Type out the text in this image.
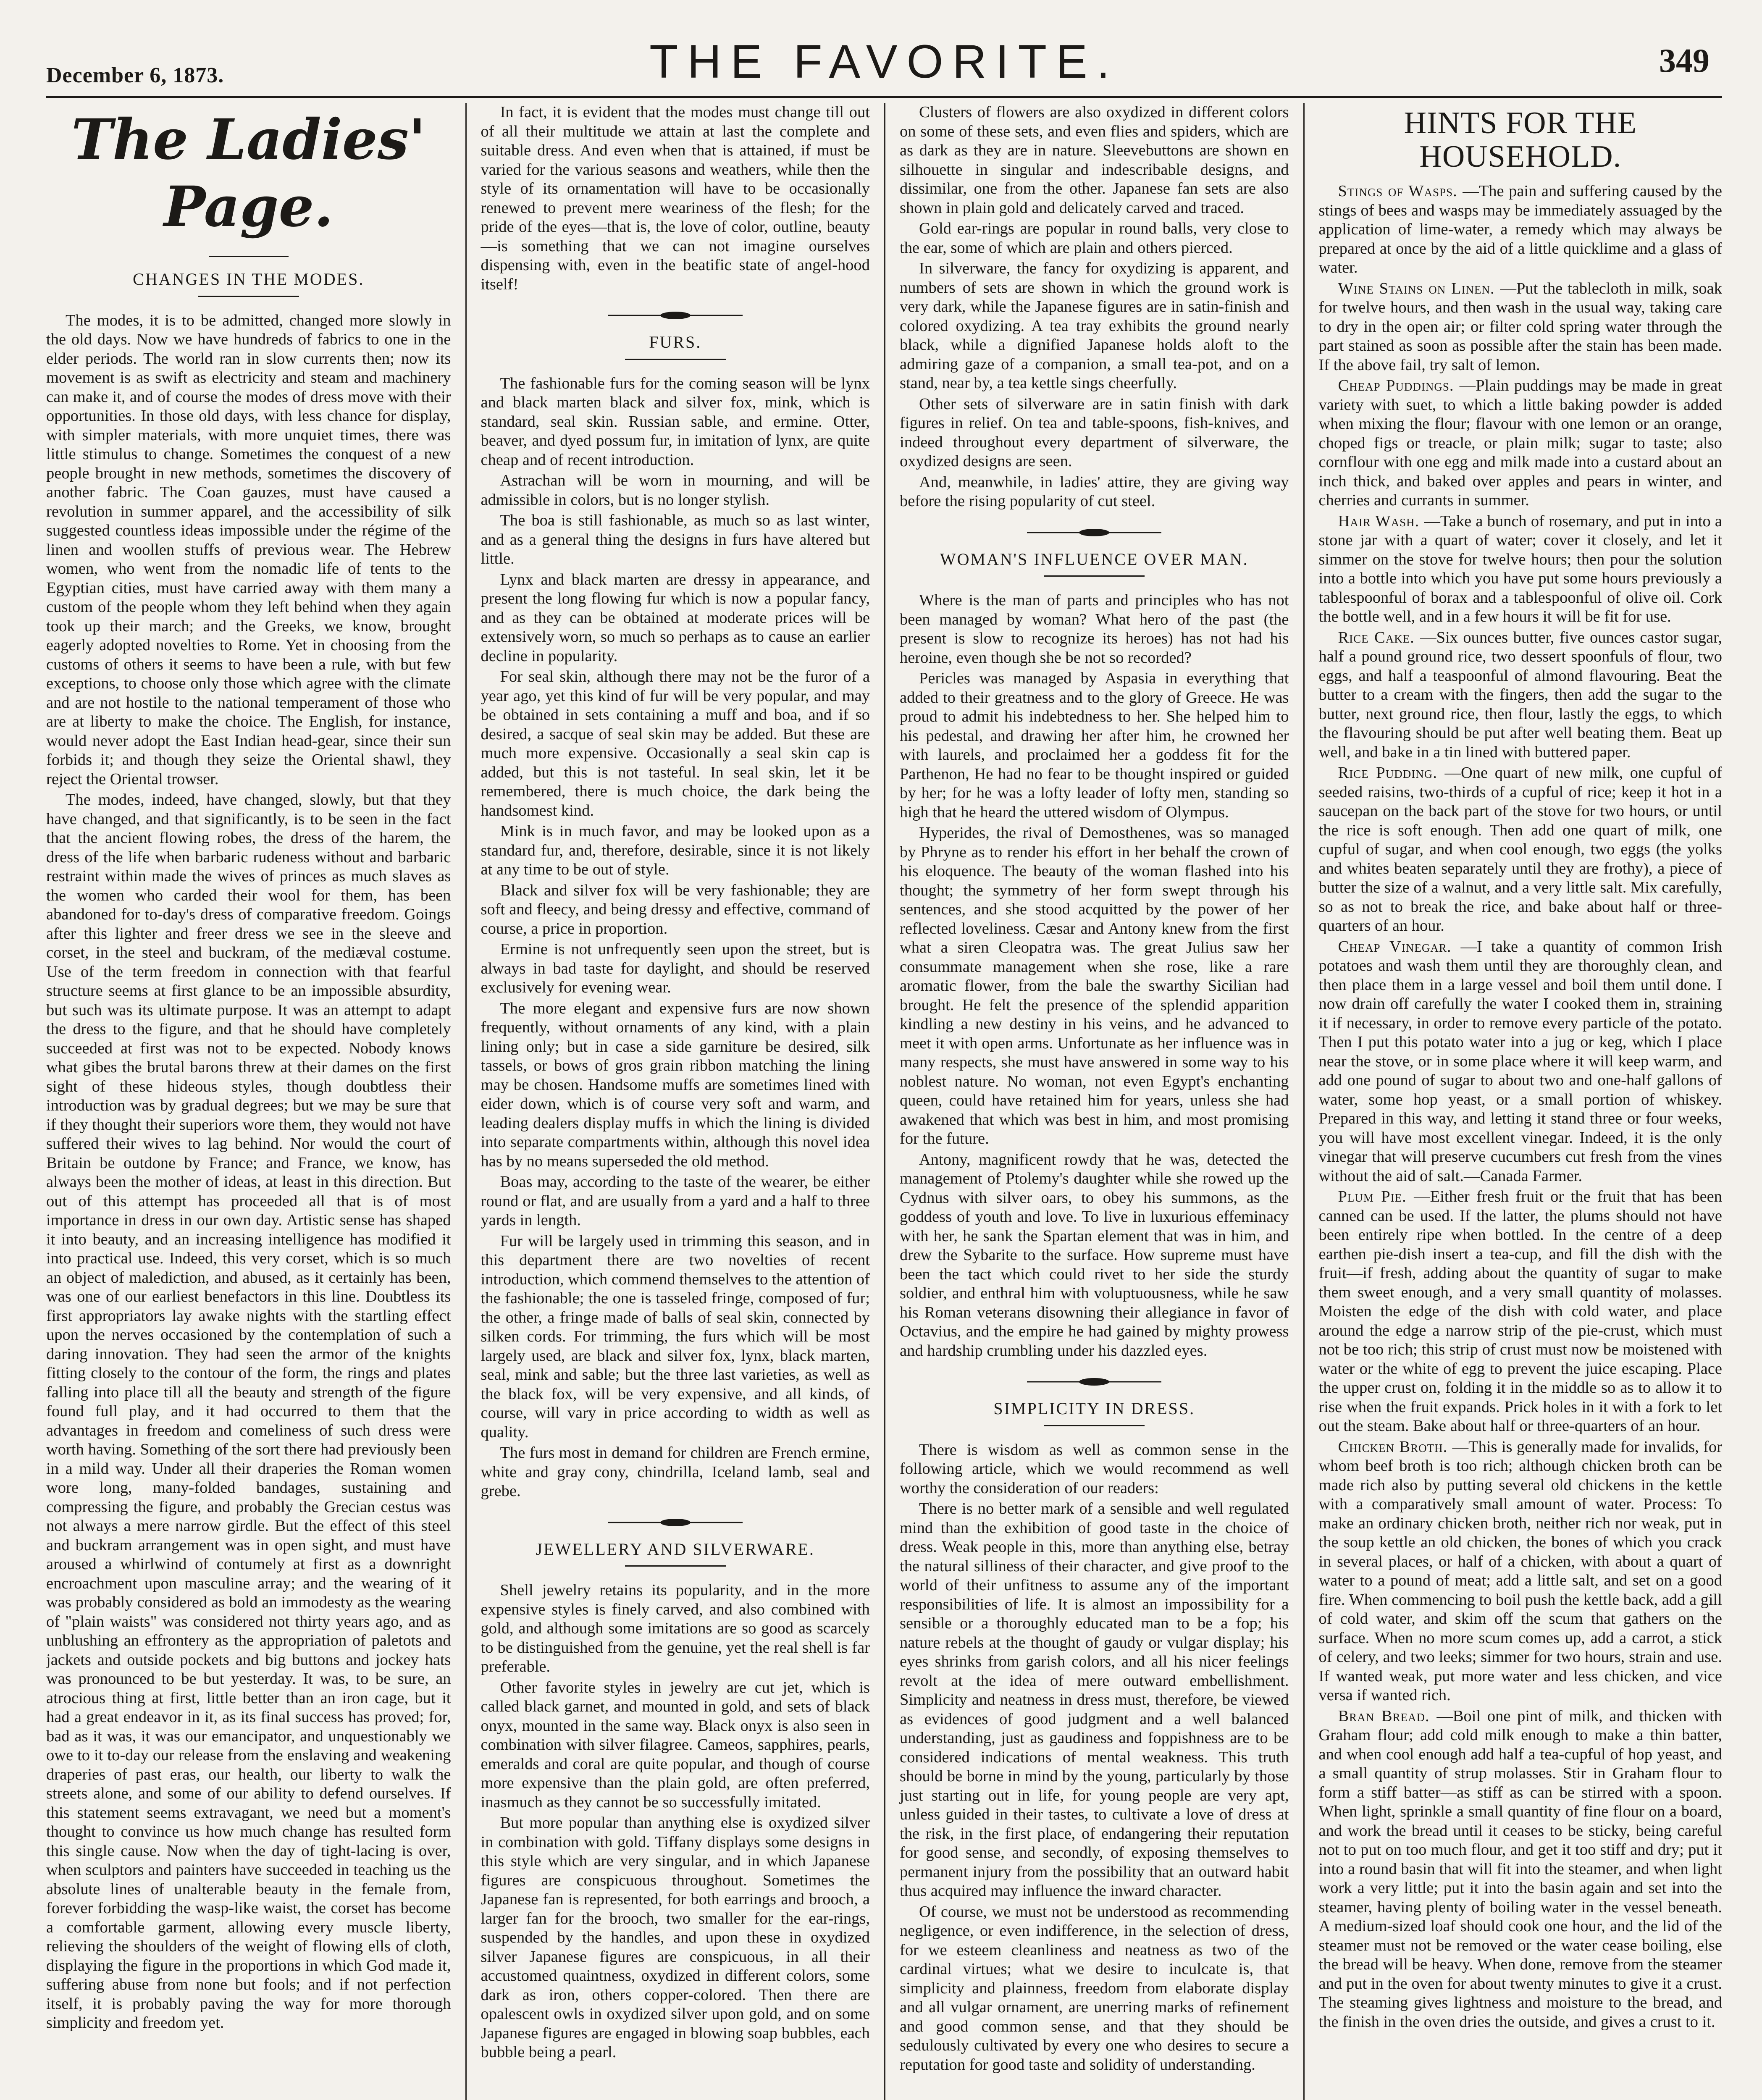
December 6, 1873.	THE FAVORITE.	349
The Ladies' Page.
CHANGES IN THE MODES.

The modes, it is to be admitted, changed more slowly in the old days. Now we have hundreds of fabrics to one in the elder periods. The world ran in slow currents then; now its movement is as swift as electricity and steam and machinery can make it, and of course the modes of dress move with their opportunities. In those old days, with less chance for display, with simpler materials, with more unquiet times, there was little stimulus to change. Sometimes the conquest of a new people brought in new methods, sometimes the discovery of another fabric. The Coan gauzes, must have caused a revolution in summer apparel, and the accessibility of silk suggested countless ideas impossible under the régime of the linen and woollen stuffs of previous wear. The Hebrew women, who went from the nomadic life of tents to the Egyptian cities, must have carried away with them many a custom of the people whom they left behind when they again took up their march; and the Greeks, we know, brought eagerly adopted novelties to Rome. Yet in choosing from the customs of others it seems to have been a rule, with but few exceptions, to choose only those which agree with the climate and are not hostile to the national temperament of those who are at liberty to make the choice. The English, for instance, would never adopt the East Indian head-gear, since their sun forbids it; and though they seize the Oriental shawl, they reject the Oriental trowser.

The modes, indeed, have changed, slowly, but that they have changed, and that significantly, is to be seen in the fact that the ancient flowing robes, the dress of the harem, the dress of the life when barbaric rudeness without and barbaric restraint within made the wives of princes as much slaves as the women who carded their wool for them, has been abandoned for to-day's dress of comparative freedom. Goings after this lighter and freer dress we see in the sleeve and corset, in the steel and buckram, of the mediæval costume. Use of the term freedom in connection with that fearful structure seems at first glance to be an impossible absurdity, but such was its ultimate purpose. It was an attempt to adapt the dress to the figure, and that he should have completely succeeded at first was not to be expected. Nobody knows what gibes the brutal barons threw at their dames on the first sight of these hideous styles, though doubtless their introduction was by gradual degrees; but we may be sure that if they thought their superiors wore them, they would not have suffered their wives to lag behind. Nor would the court of Britain be outdone by France; and France, we know, has always been the mother of ideas, at least in this direction. But out of this attempt has proceeded all that is of most importance in dress in our own day. Artistic sense has shaped it into beauty, and an increasing intelligence has modified it into practical use. Indeed, this very corset, which is so much an object of malediction, and abused, as it certainly has been, was one of our earliest benefactors in this line. Doubtless its first appropriators lay awake nights with the startling effect upon the nerves occasioned by the contemplation of such a daring innovation. They had seen the armor of the knights fitting closely to the contour of the form, the rings and plates falling into place till all the beauty and strength of the figure found full play, and it had occurred to them that the advantages in freedom and comeliness of such dress were worth having. Something of the sort there had previously been in a mild way. Under all their draperies the Roman women wore long, many-folded bandages, sustaining and compressing the figure, and probably the Grecian cestus was not always a mere narrow girdle. But the effect of this steel and buckram arrangement was in open sight, and must have aroused a whirlwind of contumely at first as a downright encroachment upon masculine array; and the wearing of it was probably considered as bold an immodesty as the wearing of "plain waists" was considered not thirty years ago, and as unblushing an effrontery as the appropriation of paletots and jackets and outside pockets and big buttons and jockey hats was pronounced to be but yesterday. It was, to be sure, an atrocious thing at first, little better than an iron cage, but it had a great endeavor in it, as its final success has proved; for, bad as it was, it was our emancipator, and unquestionably we owe to it to-day our release from the enslaving and weakening draperies of past eras, our health, our liberty to walk the streets alone, and some of our ability to defend ourselves. If this statement seems extravagant, we need but a moment's thought to convince us how much change has resulted form this single cause. Now when the day of tight-lacing is over, when sculptors and painters have succeeded in teaching us the absolute lines of unalterable beauty in the female from, forever forbidding the wasp-like waist, the corset has become a comfortable garment, allowing every muscle liberty, relieving the shoulders of the weight of flowing ells of cloth, displaying the figure in the proportions in which God made it, suffering abuse from none but fools; and if not perfection itself, it is probably paving the way for more thorough simplicity and freedom yet.

In fact, it is evident that the modes must change till out of all their multitude we attain at last the complete and suitable dress. And even when that is attained, if must be varied for the various seasons and weathers, while then the style of its ornamentation will have to be occasionally renewed to prevent mere weariness of the flesh; for the pride of the eyes—that is, the love of color, outline, beauty—is something that we can not imagine ourselves dispensing with, even in the beatific state of angel-hood itself!

FURS.

The fashionable furs for the coming season will be lynx and black marten black and silver fox, mink, which is standard, seal skin. Russian sable, and ermine. Otter, beaver, and dyed possum fur, in imitation of lynx, are quite cheap and of recent introduction.

Astrachan will be worn in mourning, and will be admissible in colors, but is no longer stylish.

The boa is still fashionable, as much so as last winter, and as a general thing the designs in furs have altered but little.

Lynx and black marten are dressy in appearance, and present the long flowing fur which is now a popular fancy, and as they can be obtained at moderate prices will be extensively worn, so much so perhaps as to cause an earlier decline in popularity.

For seal skin, although there may not be the furor of a year ago, yet this kind of fur will be very popular, and may be obtained in sets containing a muff and boa, and if so desired, a sacque of seal skin may be added. But these are much more expensive. Occasionally a seal skin cap is added, but this is not tasteful. In seal skin, let it be remembered, there is much choice, the dark being the handsomest kind.

Mink is in much favor, and may be looked upon as a standard fur, and, therefore, desirable, since it is not likely at any time to be out of style.

Black and silver fox will be very fashionable; they are soft and fleecy, and being dressy and effective, command of course, a price in proportion.

Ermine is not unfrequently seen upon the street, but is always in bad taste for daylight, and should be reserved exclusively for evening wear.

The more elegant and expensive furs are now shown frequently, without ornaments of any kind, with a plain lining only; but in case a side garniture be desired, silk tassels, or bows of gros grain ribbon matching the lining may be chosen. Handsome muffs are sometimes lined with eider down, which is of course very soft and warm, and leading dealers display muffs in which the lining is divided into separate compartments within, although this novel idea has by no means superseded the old method.

Boas may, according to the taste of the wearer, be either round or flat, and are usually from a yard and a half to three yards in length.

Fur will be largely used in trimming this season, and in this department there are two novelties of recent introduction, which commend themselves to the attention of the fashionable; the one is tasseled fringe, composed of fur; the other, a fringe made of balls of seal skin, connected by silken cords. For trimming, the furs which will be most largely used, are black and silver fox, lynx, black marten, seal, mink and sable; but the three last varieties, as well as the black fox, will be very expensive, and all kinds, of course, will vary in price according to width as well as quality.

The furs most in demand for children are French ermine, white and gray cony, chindrilla, Iceland lamb, seal and grebe.

JEWELLERY AND SILVERWARE.

Shell jewelry retains its popularity, and in the more expensive styles is finely carved, and also combined with gold, and although some imitations are so good as scarcely to be distinguished from the genuine, yet the real shell is far preferable.

Other favorite styles in jewelry are cut jet, which is called black garnet, and mounted in gold, and sets of black onyx, mounted in the same way. Black onyx is also seen in combination with silver filagree. Cameos, sapphires, pearls, emeralds and coral are quite popular, and though of course more expensive than the plain gold, are often preferred, inasmuch as they cannot be so successfully imitated.

But more popular than anything else is oxydized silver in combination with gold. Tiffany displays some designs in this style which are very singular, and in which Japanese figures are conspicuous throughout. Sometimes the Japanese fan is represented, for both earrings and brooch, a larger fan for the brooch, two smaller for the ear-rings, suspended by the handles, and upon these in oxydized silver Japanese figures are conspicuous, in all their accustomed quaintness, oxydized in different colors, some dark as iron, others copper-colored. Then there are opalescent owls in oxydized silver upon gold, and on some Japanese figures are engaged in blowing soap bubbles, each bubble being a pearl.

Clusters of flowers are also oxydized in different colors on some of these sets, and even flies and spiders, which are as dark as they are in nature. Sleevebuttons are shown en silhouette in singular and indescribable designs, and dissimilar, one from the other. Japanese fan sets are also shown in plain gold and delicately carved and traced.

Gold ear-rings are popular in round balls, very close to the ear, some of which are plain and others pierced.

In silverware, the fancy for oxydizing is apparent, and numbers of sets are shown in which the ground work is very dark, while the Japanese figures are in satin-finish and colored oxydizing. A tea tray exhibits the ground nearly black, while a dignified Japanese holds aloft to the admiring gaze of a companion, a small tea-pot, and on a stand, near by, a tea kettle sings cheerfully.

Other sets of silverware are in satin finish with dark figures in relief. On tea and table-spoons, fish-knives, and indeed throughout every department of silverware, the oxydized designs are seen.

And, meanwhile, in ladies' attire, they are giving way before the rising popularity of cut steel.

WOMAN'S INFLUENCE OVER MAN.

Where is the man of parts and principles who has not been managed by woman? What hero of the past (the present is slow to recognize its heroes) has not had his heroine, even though she be not so recorded?

Pericles was managed by Aspasia in everything that added to their greatness and to the glory of Greece. He was proud to admit his indebtedness to her. She helped him to his pedestal, and drawing her after him, he crowned her with laurels, and proclaimed her a goddess fit for the Parthenon, He had no fear to be thought inspired or guided by her; for he was a lofty leader of lofty men, standing so high that he heard the uttered wisdom of Olympus.

Hyperides, the rival of Demosthenes, was so managed by Phryne as to render his effort in her behalf the crown of his eloquence. The beauty of the woman flashed into his thought; the symmetry of her form swept through his sentences, and she stood acquitted by the power of her reflected loveliness. Cæsar and Antony knew from the first what a siren Cleopatra was. The great Julius saw her consummate management when she rose, like a rare aromatic flower, from the bale the swarthy Sicilian had brought. He felt the presence of the splendid apparition kindling a new destiny in his veins, and he advanced to meet it with open arms. Unfortunate as her influence was in many respects, she must have answered in some way to his noblest nature. No woman, not even Egypt's enchanting queen, could have retained him for years, unless she had awakened that which was best in him, and most promising for the future.

Antony, magnificent rowdy that he was, detected the management of Ptolemy's daughter while she rowed up the Cydnus with silver oars, to obey his summons, as the goddess of youth and love. To live in luxurious effeminacy with her, he sank the Spartan element that was in him, and drew the Sybarite to the surface. How supreme must have been the tact which could rivet to her side the sturdy soldier, and enthral him with voluptuousness, while he saw his Roman veterans disowning their allegiance in favor of Octavius, and the empire he had gained by mighty prowess and hardship crumbling under his dazzled eyes.

SIMPLICITY IN DRESS.

There is wisdom as well as common sense in the following article, which we would recommend as well worthy the consideration of our readers:

There is no better mark of a sensible and well regulated mind than the exhibition of good taste in the choice of dress. Weak people in this, more than anything else, betray the natural silliness of their character, and give proof to the world of their unfitness to assume any of the important responsibilities of life. It is almost an impossibility for a sensible or a thoroughly educated man to be a fop; his nature rebels at the thought of gaudy or vulgar display; his eyes shrinks from garish colors, and all his nicer feelings revolt at the idea of mere outward embellishment. Simplicity and neatness in dress must, therefore, be viewed as evidences of good judgment and a well balanced understanding, just as gaudiness and foppishness are to be considered indications of mental weakness. This truth should be borne in mind by the young, particularly by those just starting out in life, for young people are very apt, unless guided in their tastes, to cultivate a love of dress at the risk, in the first place, of endangering their reputation for good sense, and secondly, of exposing themselves to permanent injury from the possibility that an outward habit thus acquired may influence the inward character.

Of course, we must not be understood as recommending negligence, or even indifference, in the selection of dress, for we esteem cleanliness and neatness as two of the cardinal virtues; what we desire to inculcate is, that simplicity and plainness, freedom from elaborate display and all vulgar ornament, are unerring marks of refinement and good common sense, and that they should be sedulously cultivated by every one who desires to secure a reputation for good taste and solidity of understanding.

HINTS FOR THE HOUSEHOLD.

Stings of Wasps. —The pain and suffering caused by the stings of bees and wasps may be immediately assuaged by the application of lime-water, a remedy which may always be prepared at once by the aid of a little quicklime and a glass of water.

Wine Stains on Linen. —Put the tablecloth in milk, soak for twelve hours, and then wash in the usual way, taking care to dry in the open air; or filter cold spring water through the part stained as soon as possible after the stain has been made. If the above fail, try salt of lemon.

Cheap Puddings. —Plain puddings may be made in great variety with suet, to which a little baking powder is added when mixing the flour; flavour with one lemon or an orange, choped figs or treacle, or plain milk; sugar to taste; also cornflour with one egg and milk made into a custard about an inch thick, and baked over apples and pears in winter, and cherries and currants in summer.

Hair Wash. —Take a bunch of rosemary, and put in into a stone jar with a quart of water; cover it closely, and let it simmer on the stove for twelve hours; then pour the solution into a bottle into which you have put some hours previously a tablespoonful of borax and a tablespoonful of olive oil. Cork the bottle well, and in a few hours it will be fit for use.

Rice Cake. —Six ounces butter, five ounces castor sugar, half a pound ground rice, two dessert spoonfuls of flour, two eggs, and half a teaspoonful of almond flavouring. Beat the butter to a cream with the fingers, then add the sugar to the butter, next ground rice, then flour, lastly the eggs, to which the flavouring should be put after well beating them. Beat up well, and bake in a tin lined with buttered paper.

Rice Pudding. —One quart of new milk, one cupful of seeded raisins, two-thirds of a cupful of rice; keep it hot in a saucepan on the back part of the stove for two hours, or until the rice is soft enough. Then add one quart of milk, one cupful of sugar, and when cool enough, two eggs (the yolks and whites beaten separately until they are frothy), a piece of butter the size of a walnut, and a very little salt. Mix carefully, so as not to break the rice, and bake about half or three-quarters of an hour.

Cheap Vinegar. —I take a quantity of common Irish potatoes and wash them until they are thoroughly clean, and then place them in a large vessel and boil them until done. I now drain off carefully the water I cooked them in, straining it if necessary, in order to remove every particle of the potato. Then I put this potato water into a jug or keg, which I place near the stove, or in some place where it will keep warm, and add one pound of sugar to about two and one-half gallons of water, some hop yeast, or a small portion of whiskey. Prepared in this way, and letting it stand three or four weeks, you will have most excellent vinegar. Indeed, it is the only vinegar that will preserve cucumbers cut fresh from the vines without the aid of salt.—Canada Farmer.

Plum Pie. —Either fresh fruit or the fruit that has been canned can be used. If the latter, the plums should not have been entirely ripe when bottled. In the centre of a deep earthen pie-dish insert a tea-cup, and fill the dish with the fruit—if fresh, adding about the quantity of sugar to make them sweet enough, and a very small quantity of molasses. Moisten the edge of the dish with cold water, and place around the edge a narrow strip of the pie-crust, which must not be too rich; this strip of crust must now be moistened with water or the white of egg to prevent the juice escaping. Place the upper crust on, folding it in the middle so as to allow it to rise when the fruit expands. Prick holes in it with a fork to let out the steam. Bake about half or three-quarters of an hour.

Chicken Broth. —This is generally made for invalids, for whom beef broth is too rich; although chicken broth can be made rich also by putting several old chickens in the kettle with a comparatively small amount of water. Process: To make an ordinary chicken broth, neither rich nor weak, put in the soup kettle an old chicken, the bones of which you crack in several places, or half of a chicken, with about a quart of water to a pound of meat; add a little salt, and set on a good fire. When commencing to boil push the kettle back, add a gill of cold water, and skim off the scum that gathers on the surface. When no more scum comes up, add a carrot, a stick of celery, and two leeks; simmer for two hours, strain and use. If wanted weak, put more water and less chicken, and vice versa if wanted rich.

Bran Bread. —Boil one pint of milk, and thicken with Graham flour; add cold milk enough to make a thin batter, and when cool enough add half a tea-cupful of hop yeast, and a small quantity of strup molasses. Stir in Graham flour to form a stiff batter—as stiff as can be stirred with a spoon. When light, sprinkle a small quantity of fine flour on a board, and work the bread until it ceases to be sticky, being careful not to put on too much flour, and get it too stiff and dry; put it into a round basin that will fit into the steamer, and when light work a very little; put it into the basin again and set into the steamer, having plenty of boiling water in the vessel beneath. A medium-sized loaf should cook one hour, and the lid of the steamer must not be removed or the water cease boiling, else the bread will be heavy. When done, remove from the steamer and put in the oven for about twenty minutes to give it a crust. The steaming gives lightness and moisture to the bread, and the finish in the oven dries the outside, and gives a crust to it.
